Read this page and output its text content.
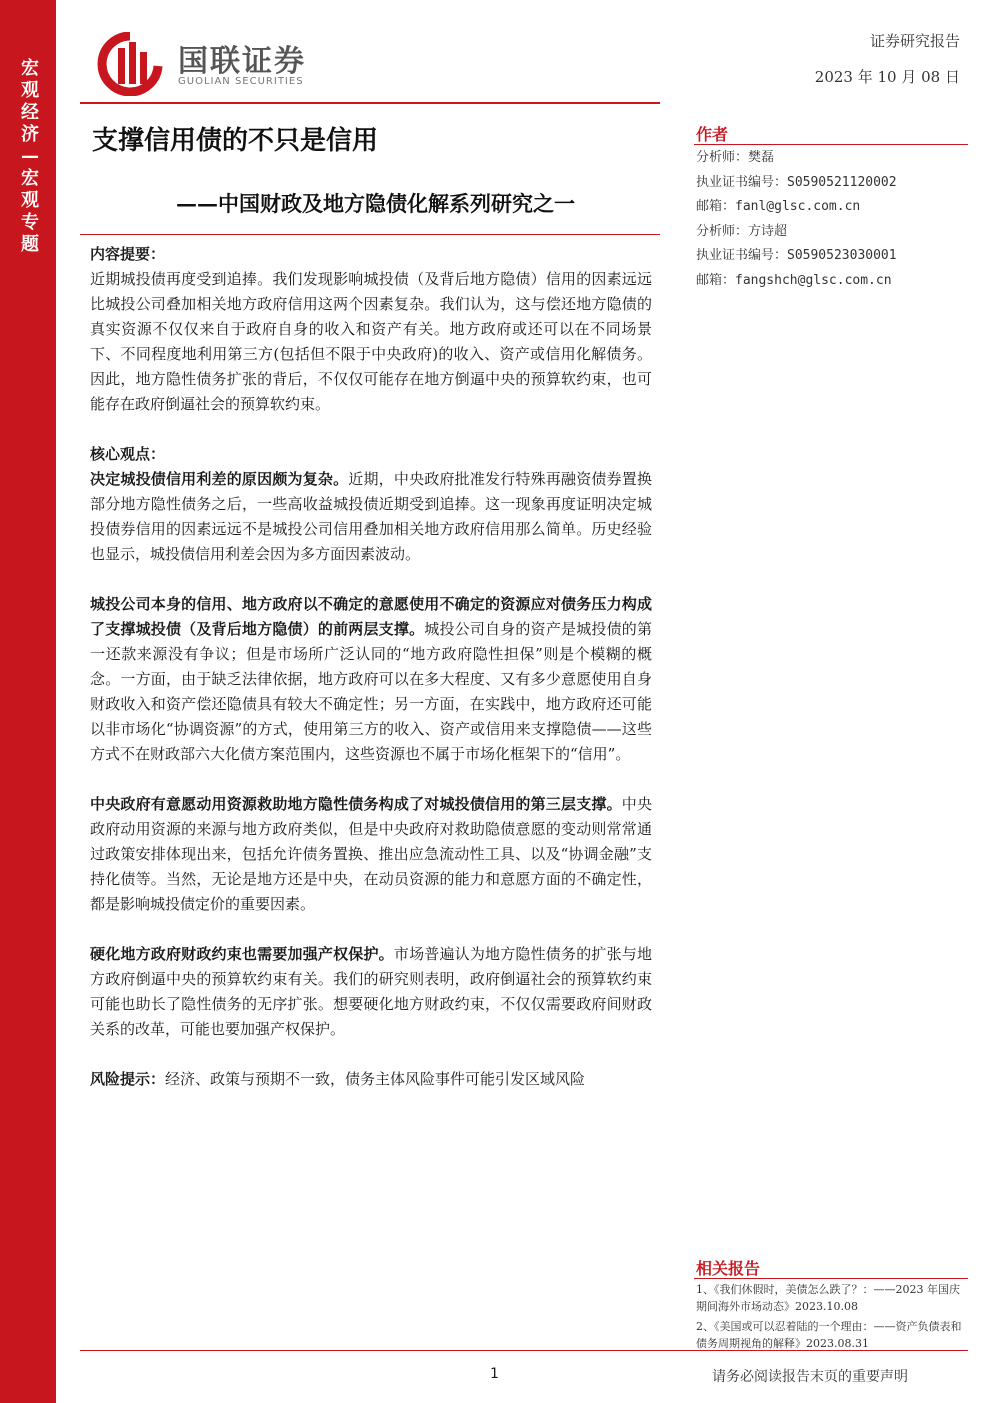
宏观经济—宏观专题
国联证券
GUOLIAN SECURITIES
证券研究报告
2023 年 10 月 08 日
支撑信用债的不只是信用
——中国财政及地方隐债化解系列研究之一

内容提要：

近期城投债再度受到追捧。我们发现影响城投债（及背后地方隐债）信用的因素远远比城投公司叠加相关地方政府信用这两个因素复杂。我们认为，这与偿还地方隐债的真实资源不仅仅来自于政府自身的收入和资产有关。地方政府或还可以在不同场景下、不同程度地利用第三方(包括但不限于中央政府)的收入、资产或信用化解债务。因此，地方隐性债务扩张的背后，不仅仅可能存在地方倒逼中央的预算软约束，也可能存在政府倒逼社会的预算软约束。

核心观点：

决定城投债信用利差的原因颇为复杂。近期，中央政府批准发行特殊再融资债券置换部分地方隐性债务之后，一些高收益城投债近期受到追捧。这一现象再度证明决定城投债券信用的因素远远不是城投公司信用叠加相关地方政府信用那么简单。历史经验也显示，城投债信用利差会因为多方面因素波动。

城投公司本身的信用、地方政府以不确定的意愿使用不确定的资源应对债务压力构成了支撑城投债（及背后地方隐债）的前两层支撑。城投公司自身的资产是城投债的第一还款来源没有争议；但是市场所广泛认同的“地方政府隐性担保”则是个模糊的概念。一方面，由于缺乏法律依据，地方政府可以在多大程度、又有多少意愿使用自身财政收入和资产偿还隐债具有较大不确定性；另一方面，在实践中，地方政府还可能以非市场化“协调资源”的方式，使用第三方的收入、资产或信用来支撑隐债——这些方式不在财政部六大化债方案范围内，这些资源也不属于市场化框架下的“信用”。

中央政府有意愿动用资源救助地方隐性债务构成了对城投债信用的第三层支撑。中央政府动用资源的来源与地方政府类似，但是中央政府对救助隐债意愿的变动则常常通过政策安排体现出来，包括允许债务置换、推出应急流动性工具、以及“协调金融”支持化债等。当然，无论是地方还是中央，在动员资源的能力和意愿方面的不确定性，都是影响城投债定价的重要因素。

硬化地方政府财政约束也需要加强产权保护。市场普遍认为地方隐性债务的扩张与地方政府倒逼中央的预算软约束有关。我们的研究则表明，政府倒逼社会的预算软约束可能也助长了隐性债务的无序扩张。想要硬化地方财政约束，不仅仅需要政府间财政关系的改革，可能也要加强产权保护。

风险提示：经济、政策与预期不一致，债务主体风险事件可能引发区域风险

作者
分析师：樊磊
执业证书编号：S0590521120002
邮箱：fanl@glsc.com.cn
分析师：方诗超
执业证书编号：S0590523030001
邮箱：fangshch@glsc.com.cn
相关报告
1、《我们休假时，美债怎么跌了？：——2023 年国庆期间海外市场动态》2023.10.08
2、《美国或可以忍着陆的一个理由：——资产负债表和债务周期视角的解释》2023.08.31
1	请务必阅读报告末页的重要声明
